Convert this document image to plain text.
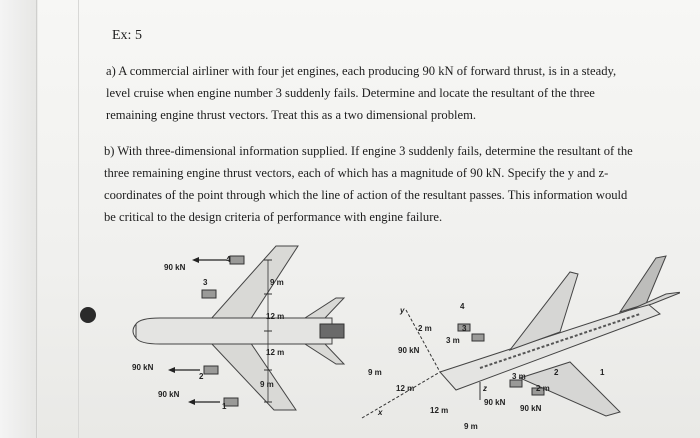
Ex: 5

a) A commercial airliner with four jet engines, each producing 90 kN of forward thrust, is in a steady,
level cruise when engine number 3 suddenly fails. Determine and locate the resultant of the three
remaining engine thrust vectors. Treat this as a two dimensional problem.

b) With three-dimensional information supplied. If engine 3 suddenly fails, determine the resultant of the
three remaining engine thrust vectors, each of which has a magnitude of 90 kN. Specify the y and z-
coordinates of the point through which the line of action of the resultant passes. This information would
be critical to the design criteria of performance with engine failure.

90 kN
4
3	9 m
12 m
12 m
90 kN
2
9 m
90 kN
1
y
x
z
4
2 m	3
3 m
90 kN
9 m
12 m
2
3 m	1
2 m
90 kN
90 kN
12 m
9 m
